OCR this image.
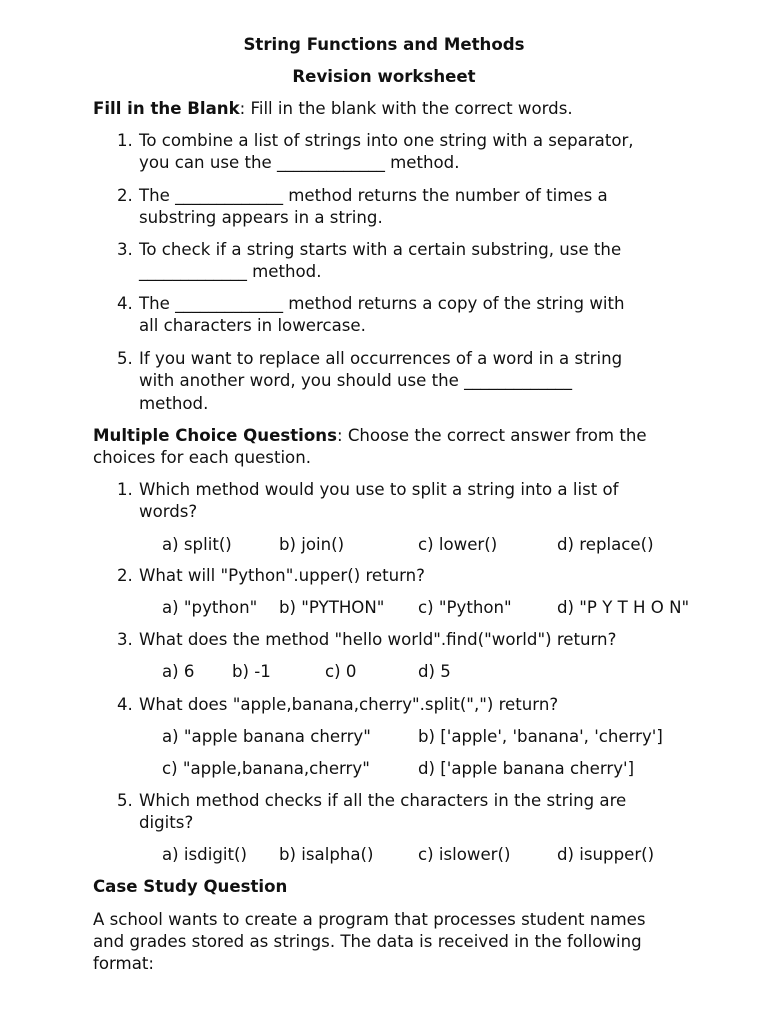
String Functions and Methods
Revision worksheet
Fill in the Blank: Fill in the blank with the correct words.
1. To combine a list of strings into one string with a separator,
you can use the _____________ method.
2. The _____________ method returns the number of times a
substring appears in a string.
3. To check if a string starts with a certain substring, use the
_____________ method.
4. The _____________ method returns a copy of the string with
all characters in lowercase.
5. If you want to replace all occurrences of a word in a string
with another word, you should use the _____________
method.
Multiple Choice Questions: Choose the correct answer from the
choices for each question.
1. Which method would you use to split a string into a list of
words?
a) split()	b) join()	c) lower()	d) replace()
2. What will "Python".upper() return?
a) "python" b) "PYTHON" c) "Python"	d) "P Y T H O N"
3. What does the method "hello world".find("world") return?
a) 6 b) -1	c) 0	d) 5
4. What does "apple,banana,cherry".split(",") return?
a) "apple banana cherry"	b) ['apple', 'banana', 'cherry']
c) "apple,banana,cherry"	d) ['apple banana cherry']
5. Which method checks if all the characters in the string are
digits?
a) isdigit() b) isalpha()	c) islower()	d) isupper()
Case Study Question
A school wants to create a program that processes student names
and grades stored as strings. The data is received in the following
format:
